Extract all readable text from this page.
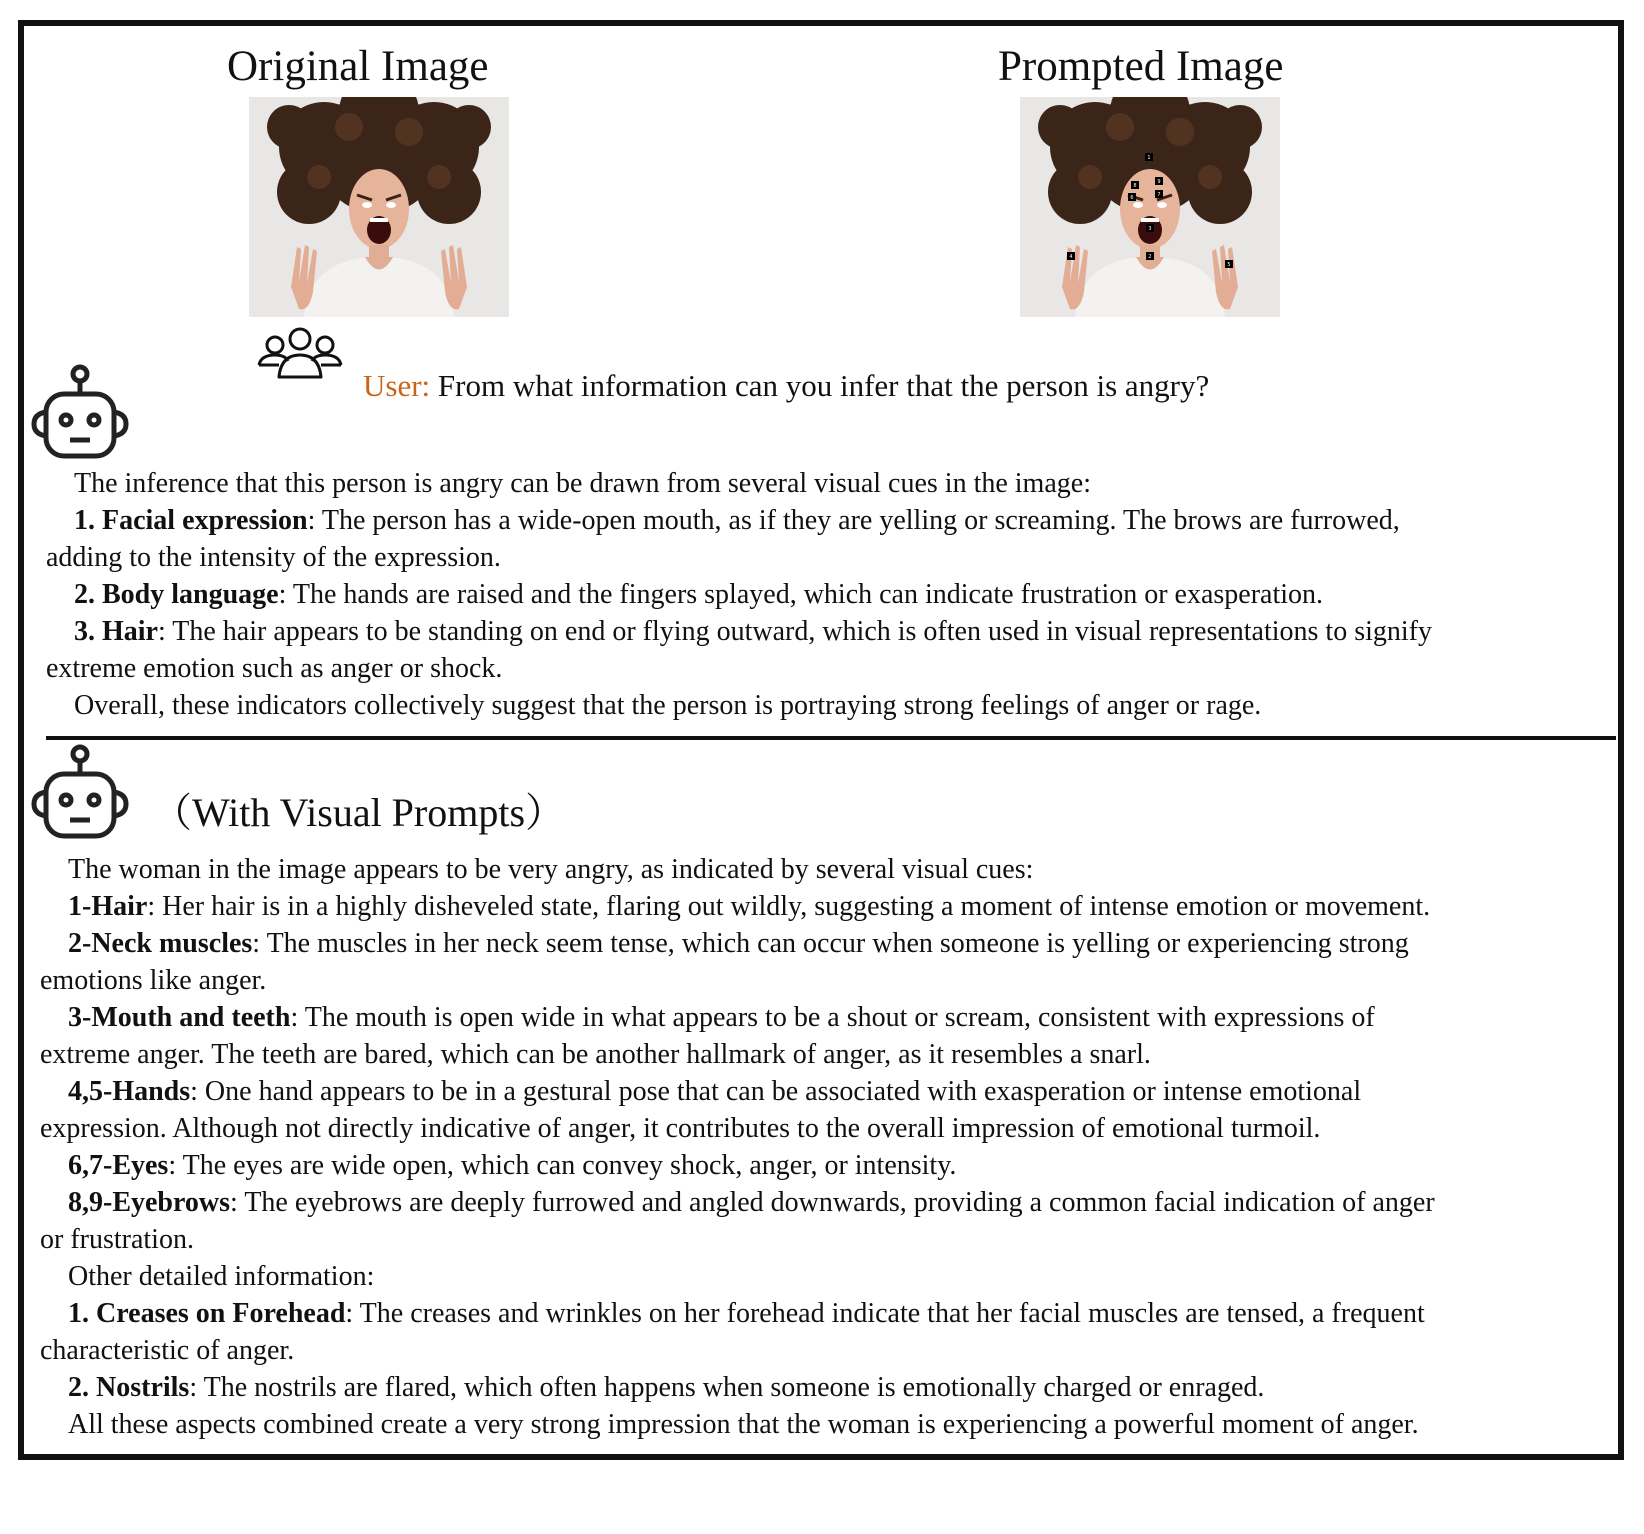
Original Image	Prompted Image
1
2
3
4
5
6	7
8
9
User: From what information can you infer that the person is angry?
The inference that this person is angry can be drawn from several visual cues in the image:
1. Facial expression: The person has a wide-open mouth, as if they are yelling or screaming. The brows are furrowed,
adding to the intensity of the expression.
2. Body language: The hands are raised and the fingers splayed, which can indicate frustration or exasperation.
3. Hair: The hair appears to be standing on end or flying outward, which is often used in visual representations to signify
extreme emotion such as anger or shock.
Overall, these indicators collectively suggest that the person is portraying strong feelings of anger or rage.
（With Visual Prompts）
The woman in the image appears to be very angry, as indicated by several visual cues:
1-Hair: Her hair is in a highly disheveled state, flaring out wildly, suggesting a moment of intense emotion or movement.
2-Neck muscles: The muscles in her neck seem tense, which can occur when someone is yelling or experiencing strong
emotions like anger.
3-Mouth and teeth: The mouth is open wide in what appears to be a shout or scream, consistent with expressions of
extreme anger. The teeth are bared, which can be another hallmark of anger, as it resembles a snarl.
4,5-Hands: One hand appears to be in a gestural pose that can be associated with exasperation or intense emotional
expression. Although not directly indicative of anger, it contributes to the overall impression of emotional turmoil.
6,7-Eyes: The eyes are wide open, which can convey shock, anger, or intensity.
8,9-Eyebrows: The eyebrows are deeply furrowed and angled downwards, providing a common facial indication of anger
or frustration.
Other detailed information:
1. Creases on Forehead: The creases and wrinkles on her forehead indicate that her facial muscles are tensed, a frequent
characteristic of anger.
2. Nostrils: The nostrils are flared, which often happens when someone is emotionally charged or enraged.
All these aspects combined create a very strong impression that the woman is experiencing a powerful moment of anger.
